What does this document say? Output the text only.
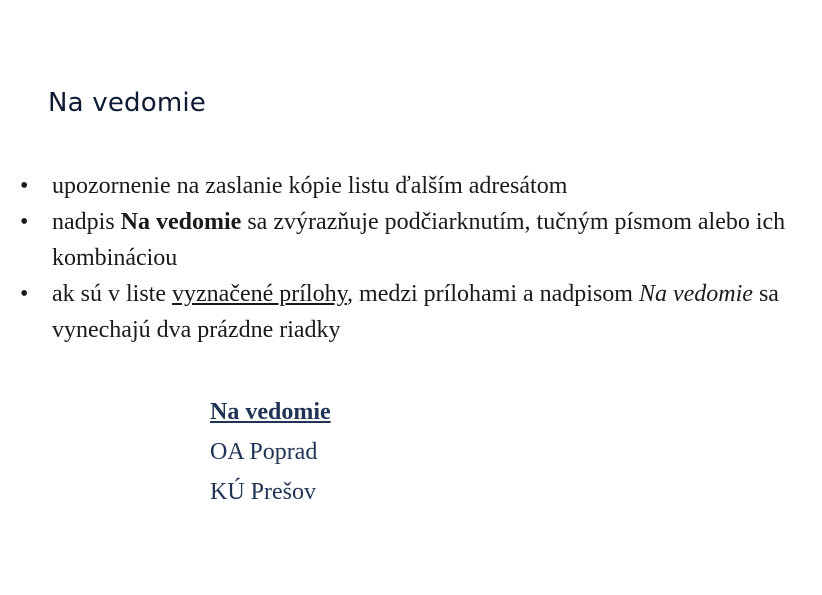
Na vedomie
• upozornenie na zaslanie kópie listu ďalším adresátom
• nadpis Na vedomie sa zvýrazňuje podčiarknutím, tučným písmom alebo ich kombináciou
• ak sú v liste vyznačené prílohy, medzi prílohami a nadpisom Na vedomie sa vynechajú dva prázdne riadky
Na vedomie
OA Poprad
KÚ Prešov
